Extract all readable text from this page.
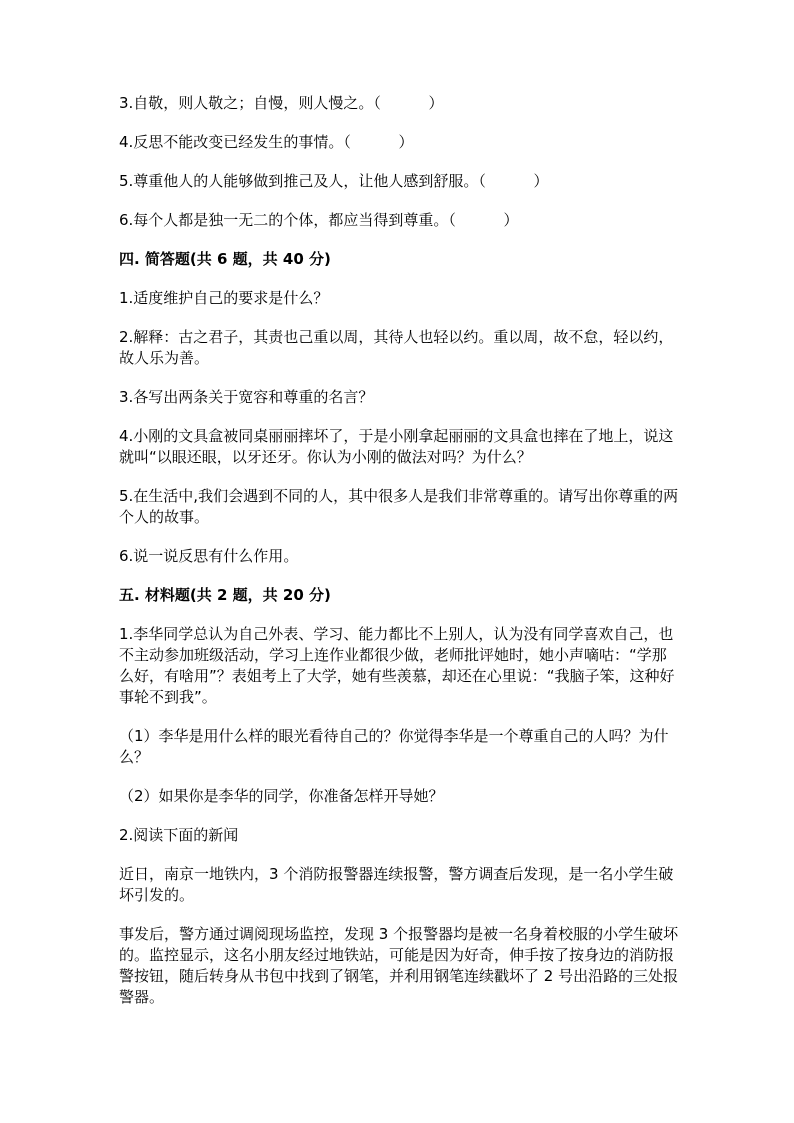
3.自敬，则人敬之；自慢，则人慢之。（          ）

4.反思不能改变已经发生的事情。（          ）

5.尊重他人的人能够做到推己及人，让他人感到舒服。（          ）

6.每个人都是独一无二的个体，都应当得到尊重。（          ）

四. 简答题(共 6 题，共 40 分)

1.适度维护自己的要求是什么？

2.解释：古之君子，其责也己重以周，其待人也轻以约。重以周，故不怠，轻以约，故人乐为善。

3.各写出两条关于宽容和尊重的名言？

4.小刚的文具盒被同桌丽丽摔坏了，于是小刚拿起丽丽的文具盒也摔在了地上，说这就叫“以眼还眼，以牙还牙。你认为小刚的做法对吗？为什么？

5.在生活中,我们会遇到不同的人，其中很多人是我们非常尊重的。请写出你尊重的两个人的故事。

6.说一说反思有什么作用。

五. 材料题(共 2 题，共 20 分)

1.李华同学总认为自己外表、学习、能力都比不上别人，认为没有同学喜欢自己，也不主动参加班级活动，学习上连作业都很少做，老师批评她时，她小声嘀咕：“学那么好，有啥用”？表姐考上了大学，她有些羡慕，却还在心里说：“我脑子笨，这种好事轮不到我”。

（1）李华是用什么样的眼光看待自己的？你觉得李华是一个尊重自己的人吗？为什么？

（2）如果你是李华的同学，你准备怎样开导她？

2.阅读下面的新闻

近日，南京一地铁内，3 个消防报警器连续报警，警方调查后发现，是一名小学生破坏引发的。

事发后，警方通过调阅现场监控，发现 3 个报警器均是被一名身着校服的小学生破坏的。监控显示，这名小朋友经过地铁站，可能是因为好奇，伸手按了按身边的消防报警按钮，随后转身从书包中找到了钢笔，并利用钢笔连续戳坏了 2 号出沿路的三处报警器。
